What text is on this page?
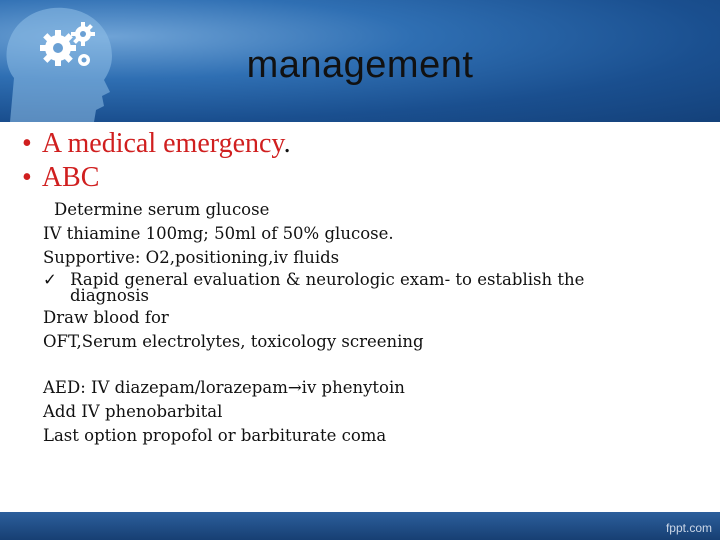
management
• A medical emergency.
• ABC
Determine serum glucose
IV thiamine 100mg; 50ml of 50% glucose.
Supportive: O2,positioning,iv fluids
✓ Rapid general evaluation & neurologic exam- to establish the
diagnosis
Draw blood for
OFT,Serum electrolytes, toxicology screening
AED: IV diazepam/lorazepam→iv phenytoin
Add IV phenobarbital
Last option propofol or barbiturate coma
fppt.com
